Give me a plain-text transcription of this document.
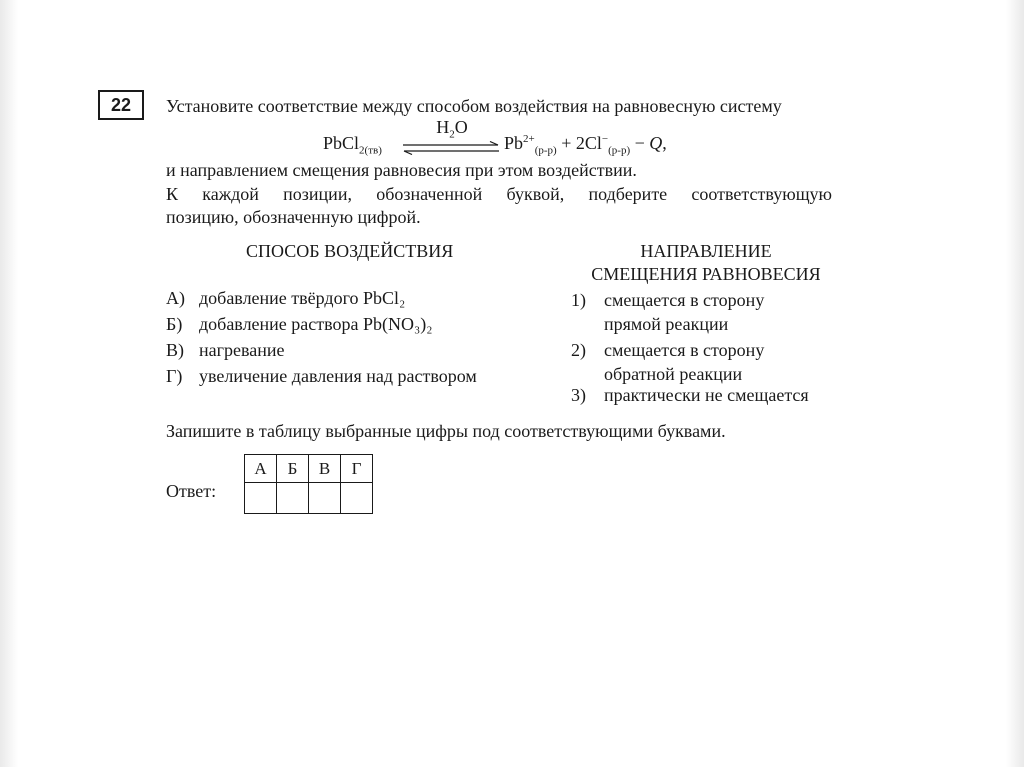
22	Установите соответствие между способом воздействия на равновесную систему
PbCl$_{2(тв)}$
$H_2O$
$Pb^{2+}_{(р-р)} + 2Cl^-_{(р-р)} - Q$,
и направлением смещения равновесия при этом воздействии.
К каждой позиции, обозначенной буквой, подберите соответствующую
позицию, обозначенную цифрой.
СПОСОБ ВОЗДЕЙСТВИЯ	НАПРАВЛЕНИЕ
СМЕЩЕНИЯ РАВНОВЕСИЯ
А) добавление твёрдого PbCl₂
Б) добавление раствора Pb(NO₃)₂
В) нагревание
Г) увеличение давления над раствором
1) смещается в сторону
прямой реакции
2) смещается в сторону
обратной реакции
3) практически не смещается
Запишите в таблицу выбранные цифры под соответствующими буквами.
Ответ:
А	Б	В	Г
